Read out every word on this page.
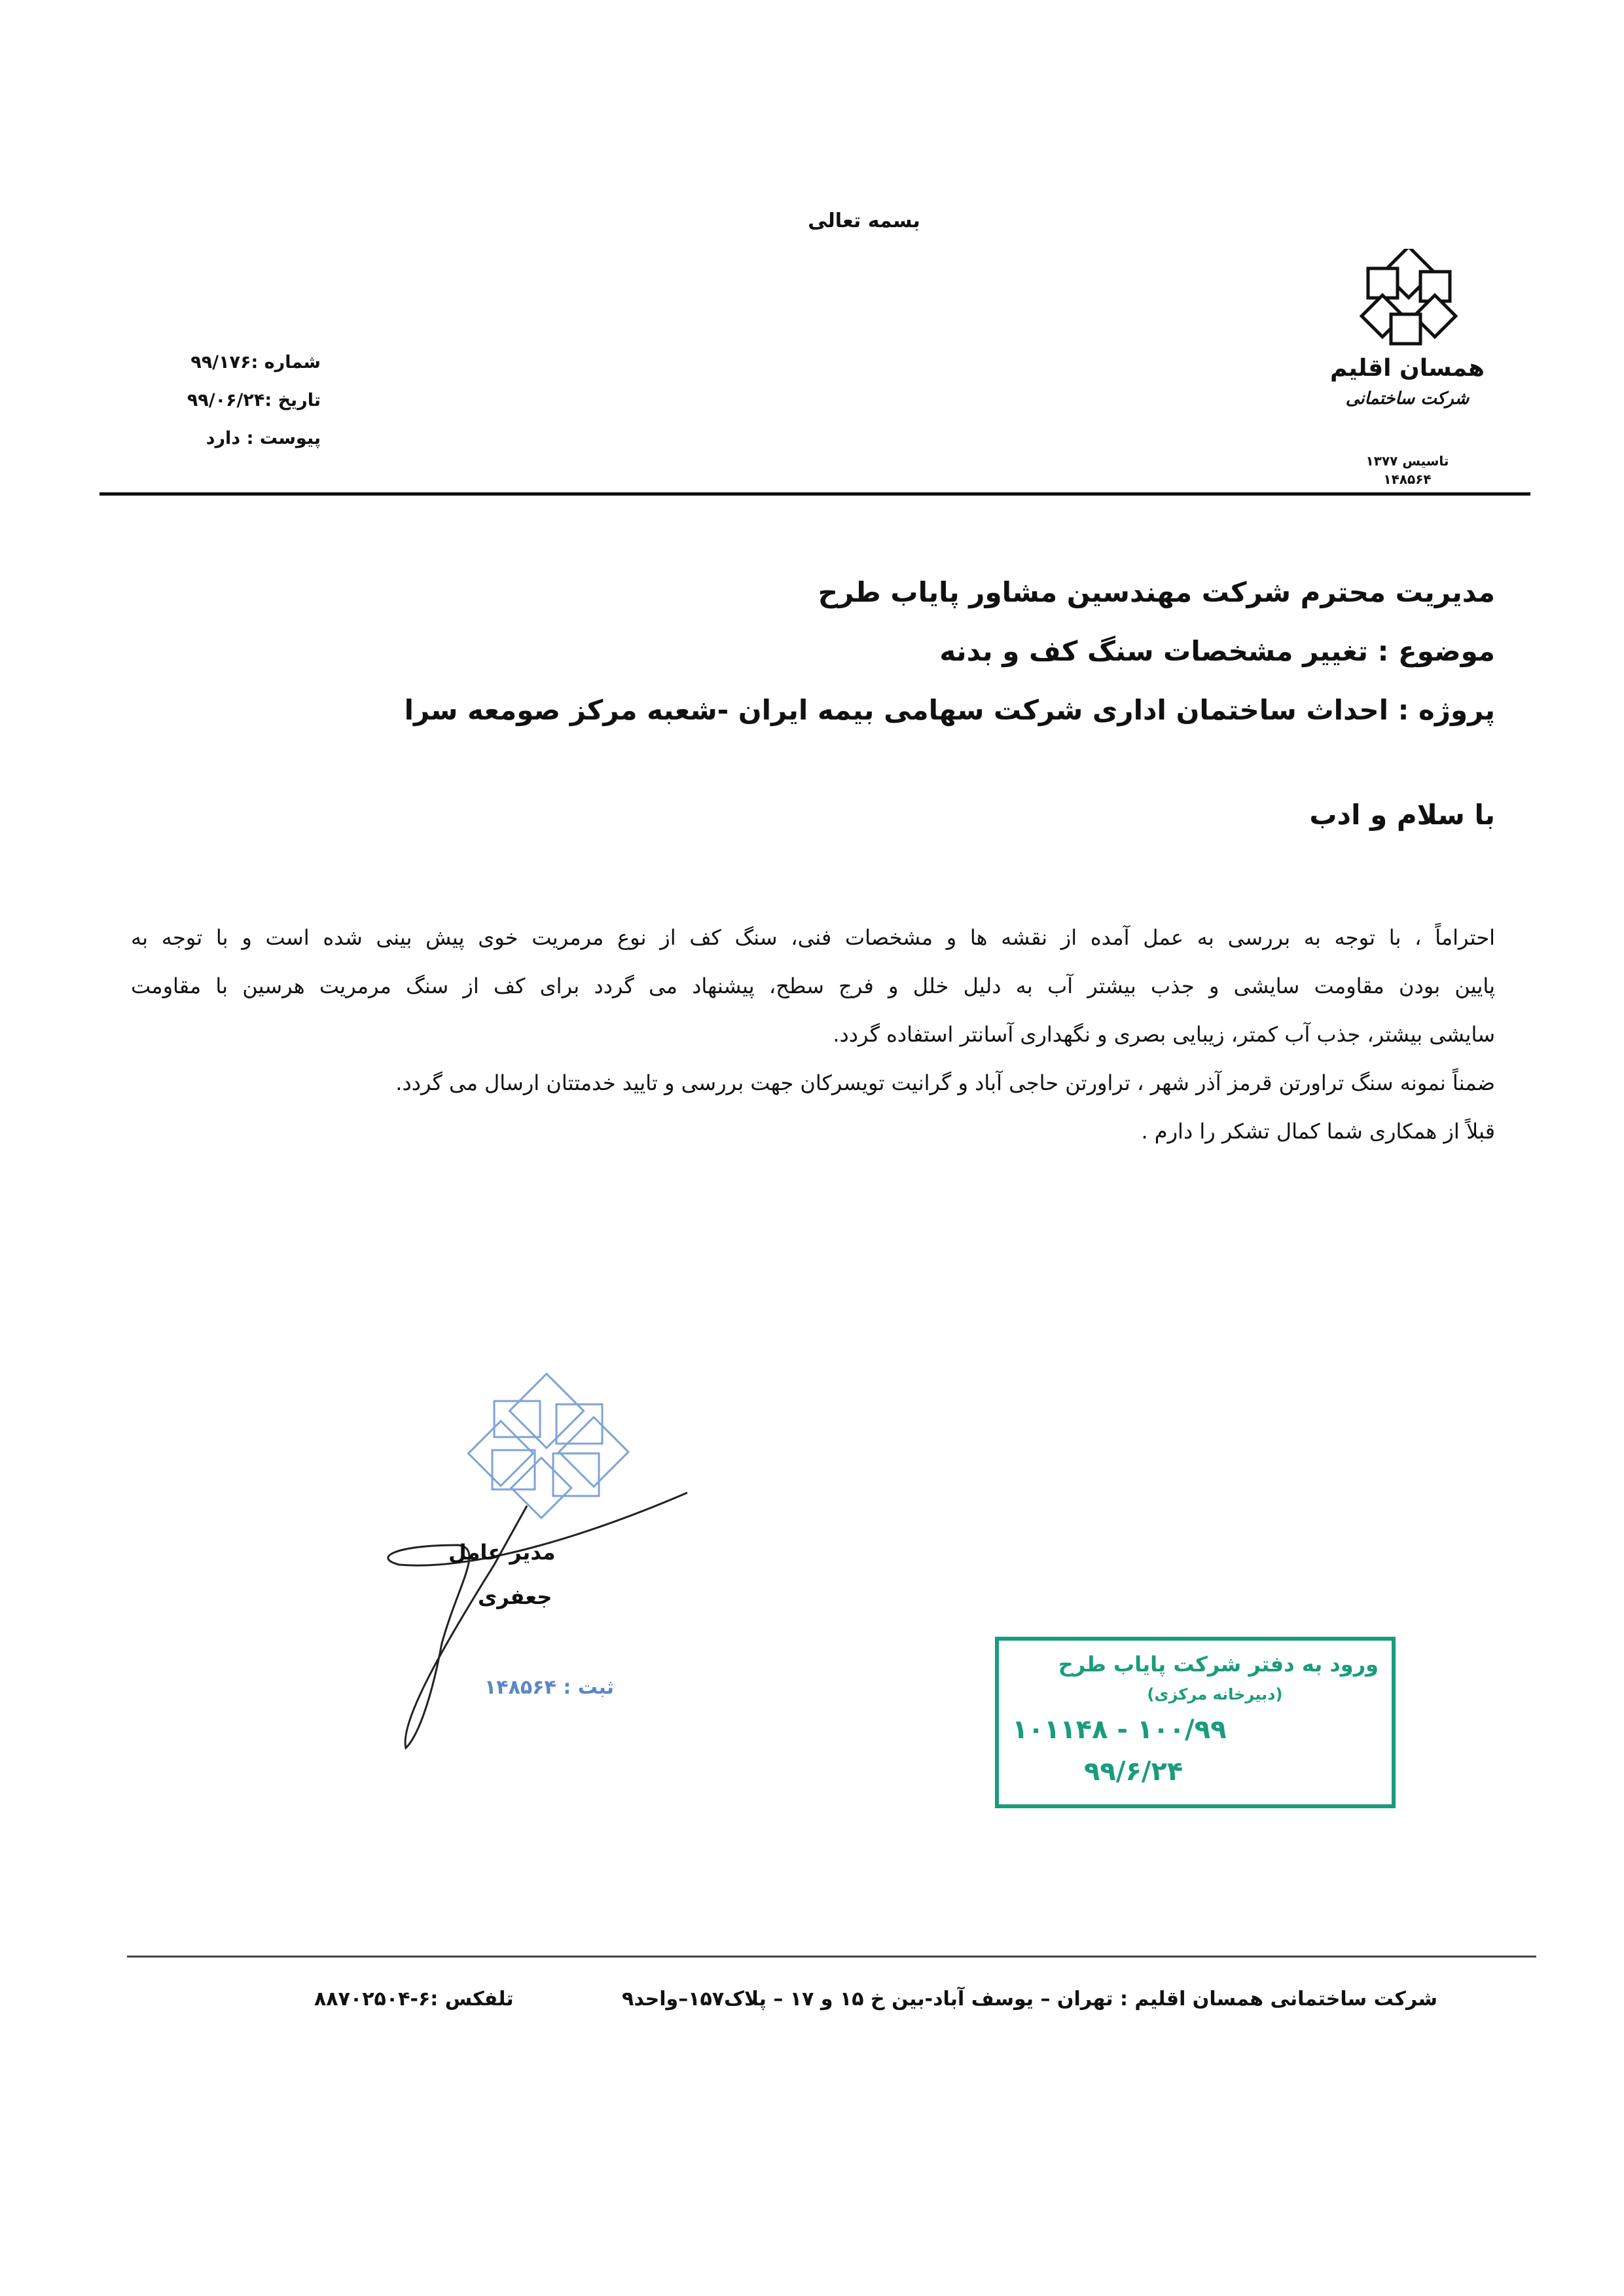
بسمه تعالی
همسان اقلیم
شرکت ساختمانی
تاسیس ۱۳۷۷
۱۴۸۵۶۴
شماره :۹۹/۱۷۶
تاریخ :۹۹/۰۶/۲۴
پیوست : دارد
مدیریت محترم شرکت مهندسین مشاور پایاب طرح
موضوع : تغییر مشخصات سنگ کف و بدنه
پروژه : احداث ساختمان اداری شرکت سهامی بیمه ایران -شعبه مرکز صومعه سرا
با سلام و ادب
احتراماً ، با توجه به بررسی به عمل آمده از نقشه ها و مشخصات فنی، سنگ کف از نوع مرمریت خوی پیش بینی شده است و با توجه به
پایین بودن مقاومت سایشی و جذب بیشتر آب به دلیل خلل و فرج سطح، پیشنهاد می گردد برای کف از سنگ مرمریت هرسین با مقاومت
سایشی بیشتر، جذب آب کمتر، زیبایی بصری و نگهداری آسانتر استفاده گردد.
ضمناً نمونه سنگ تراورتن قرمز آذر شهر ، تراورتن حاجی آباد و گرانیت تویسرکان جهت بررسی و تایید خدمتتان ارسال می گردد.
قبلاً از همکاری شما کمال تشکر را دارم .
مدیر عامل
جعفری
ثبت : ۱۴۸۵۶۴
ورود به دفتر شرکت پایاب طرح
(دبیرخانه مرکزی)
۱۰۰/۹۹ - ۱۰۱۱۴۸
۹۹/۶/۲۴
شرکت ساختمانی همسان اقلیم : تهران – یوسف آباد-بین خ ۱۵ و ۱۷ – پلاک۱۵۷–واحد۹
تلفکس :۶-۸۸۷۰۲۵۰۴
